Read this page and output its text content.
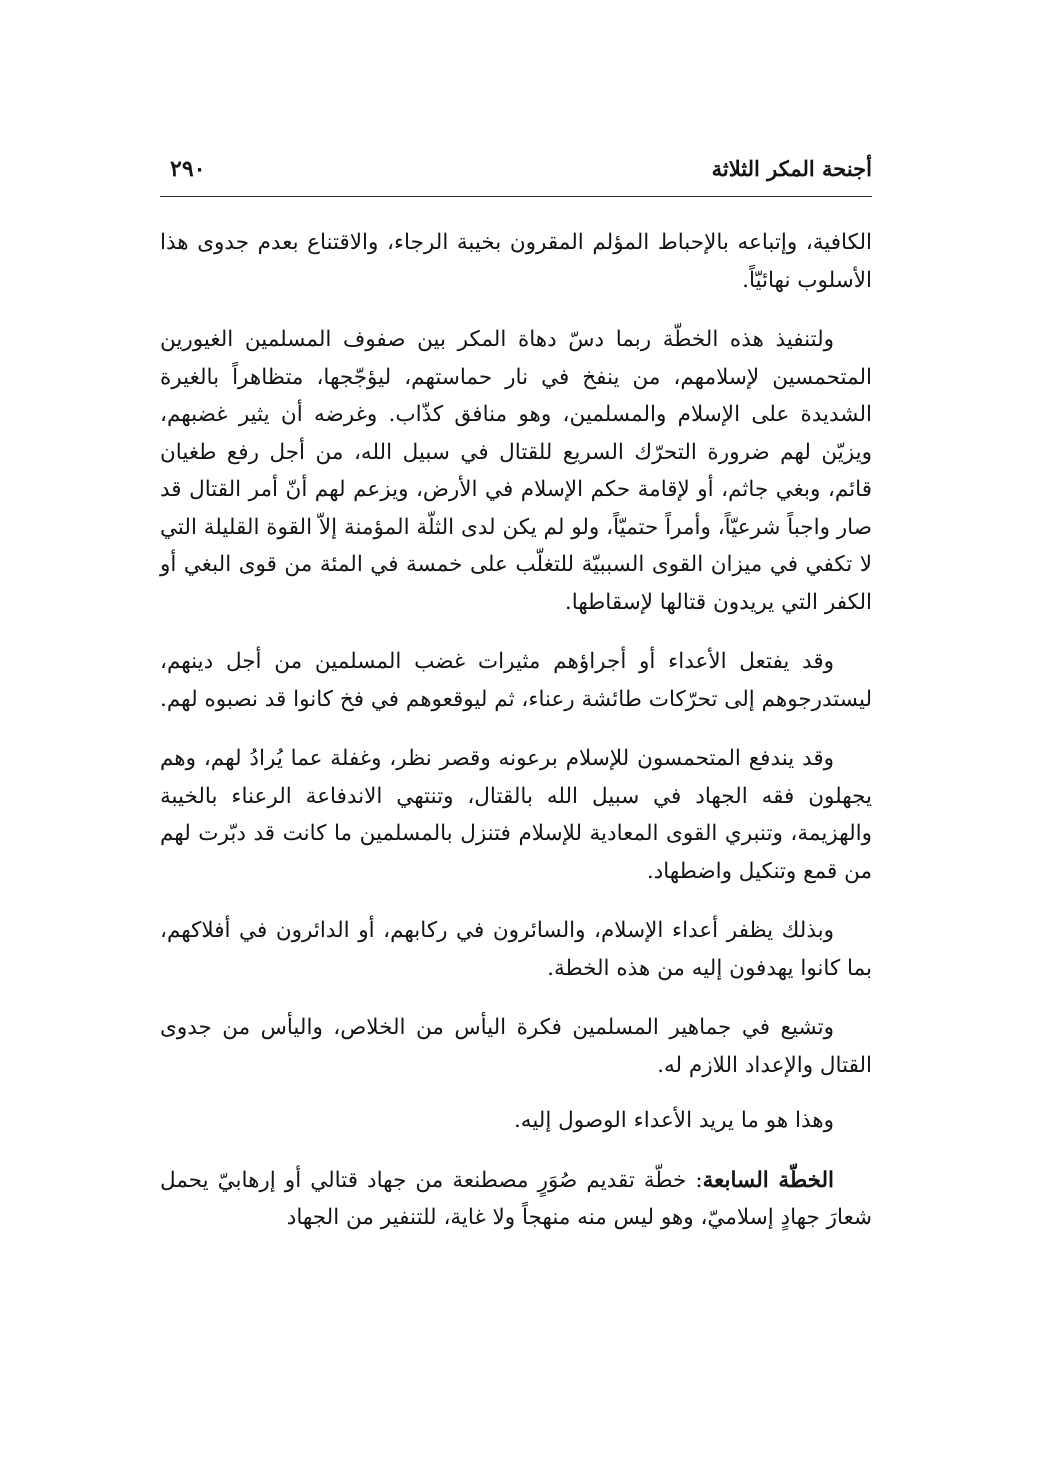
أجنحة المكر الثلاثة
٢٩٠

الكافية، وإتباعه بالإحباط المؤلم المقرون بخيبة الرجاء، والاقتناع بعدم جدوى هذا الأسلوب نهائيّاً.

ولتنفيذ هذه الخطّة ربما دسّ دهاة المكر بين صفوف المسلمين الغيورين المتحمسين لإسلامهم، من ينفخ في نار حماستهم، ليؤجّجها، متظاهراً بالغيرة الشديدة على الإسلام والمسلمين، وهو منافق كذّاب. وغرضه أن يثير غضبهم، ويزيّن لهم ضرورة التحرّك السريع للقتال في سبيل الله، من أجل رفع طغيان قائم، وبغي جاثم، أو لإقامة حكم الإسلام في الأرض، ويزعم لهم أنّ أمر القتال قد صار واجباً شرعيّاً، وأمراً حتميّاً، ولو لم يكن لدى الثلّة المؤمنة إلاّ القوة القليلة التي لا تكفي في ميزان القوى السببيّة للتغلّب على خمسة في المئة من قوى البغي أو الكفر التي يريدون قتالها لإسقاطها.

وقد يفتعل الأعداء أو أجراؤهم مثيرات غضب المسلمين من أجل دينهم، ليستدرجوهم إلى تحرّكات طائشة رعناء، ثم ليوقعوهم في فخ كانوا قد نصبوه لهم.

وقد يندفع المتحمسون للإسلام برعونه وقصر نظر، وغفلة عما يُرادُ لهم، وهم يجهلون فقه الجهاد في سبيل الله بالقتال، وتنتهي الاندفاعة الرعناء بالخيبة والهزيمة، وتنبري القوى المعادية للإسلام فتنزل بالمسلمين ما كانت قد دبّرت لهم من قمع وتنكيل واضطهاد.

وبذلك يظفر أعداء الإسلام، والسائرون في ركابهم، أو الدائرون في أفلاكهم، بما كانوا يهدفون إليه من هذه الخطة.

وتشيع في جماهير المسلمين فكرة اليأس من الخلاص، واليأس من جدوى القتال والإعداد اللازم له.

وهذا هو ما يريد الأعداء الوصول إليه.

الخطّة السابعة: خطّة تقديم صُوَرٍ مصطنعة من جهاد قتالي أو إرهابيّ يحمل شعارَ جهادٍ إسلاميّ، وهو ليس منه منهجاً ولا غاية، للتنفير من الجهاد
